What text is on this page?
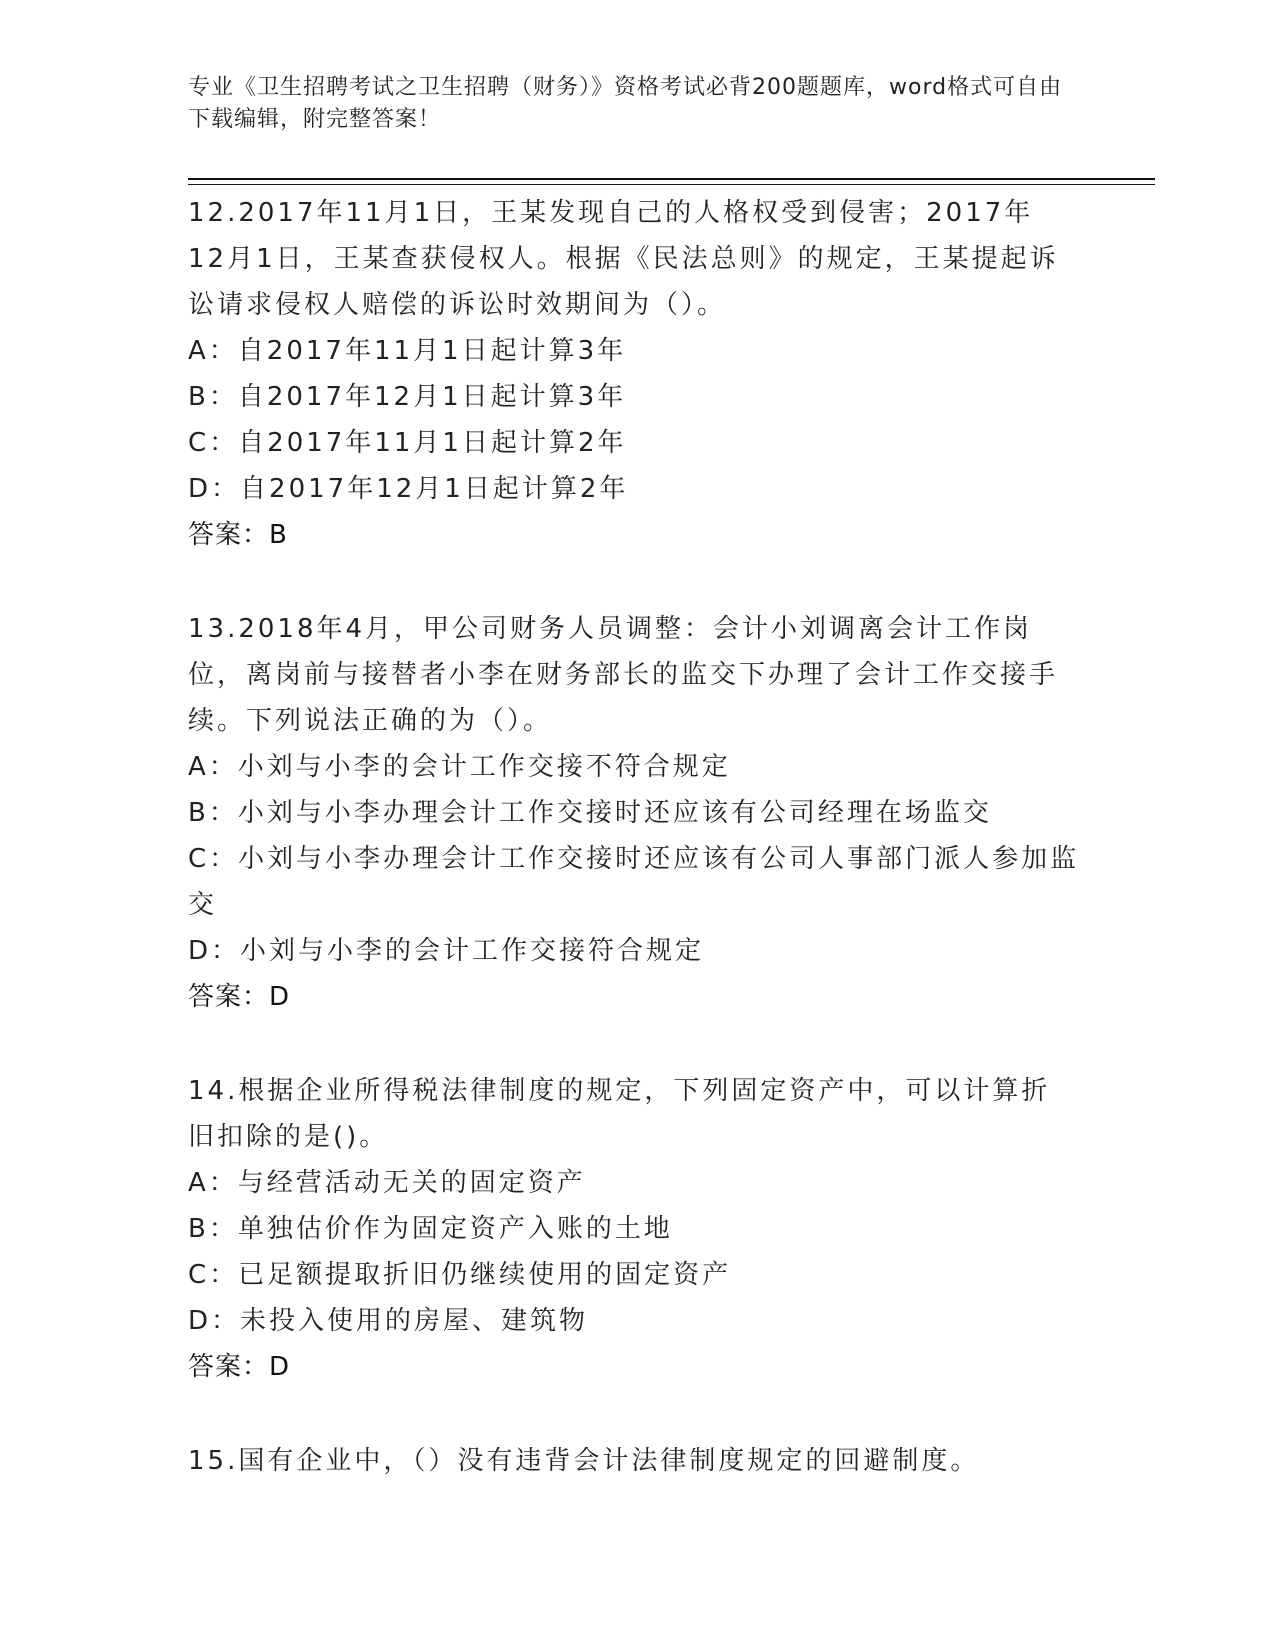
专业《卫生招聘考试之卫生招聘（财务）》资格考试必背200题题库，word格式可自由下载编辑，附完整答案！
12.2017年11月1日，王某发现自己的人格权受到侵害；2017年12月1日，王某查获侵权人。根据《民法总则》的规定，王某提起诉讼请求侵权人赔偿的诉讼时效期间为（）。
A：自2017年11月1日起计算3年
B：自2017年12月1日起计算3年
C：自2017年11月1日起计算2年
D：自2017年12月1日起计算2年
答案：B
13.2018年4月，甲公司财务人员调整：会计小刘调离会计工作岗位，离岗前与接替者小李在财务部长的监交下办理了会计工作交接手续。下列说法正确的为（）。
A：小刘与小李的会计工作交接不符合规定
B：小刘与小李办理会计工作交接时还应该有公司经理在场监交
C：小刘与小李办理会计工作交接时还应该有公司人事部门派人参加监交
D：小刘与小李的会计工作交接符合规定
答案：D
14.根据企业所得税法律制度的规定，下列固定资产中，可以计算折旧扣除的是()。
A：与经营活动无关的固定资产
B：单独估价作为固定资产入账的土地
C：已足额提取折旧仍继续使用的固定资产
D：未投入使用的房屋、建筑物
答案：D
15.国有企业中，（）没有违背会计法律制度规定的回避制度。
